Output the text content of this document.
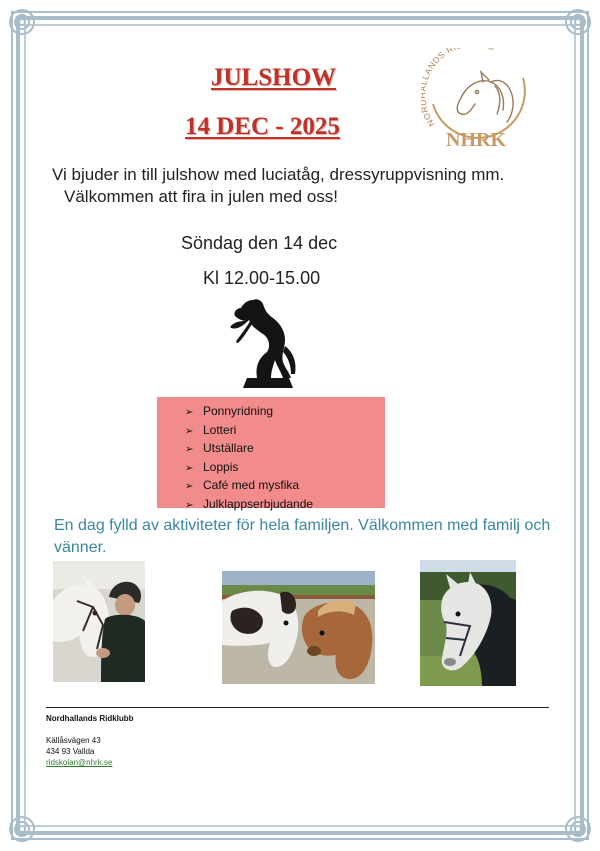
JULSHOW
14 DEC - 2025	NO LANDS R
NHRK
Vi bjuder in till julshow med luciatåg, dressyruppvisning mm.
Välkommen att fira in julen med oss!
Söndag den 14 dec
Kl 12.00-15.00
➢ Ponnyridning
➢ Lotteri
➢ Utställare
➢ Loppis
➢ Café med mysfika
➢ Julklappserbjudande
En dag fylld av aktiviteter för hela familjen. Välkommen med familj och vänner.
Nordhallands Ridklubb
Källåsvägen 43
434 93 Vallda
ridskolan@nhrk.se
